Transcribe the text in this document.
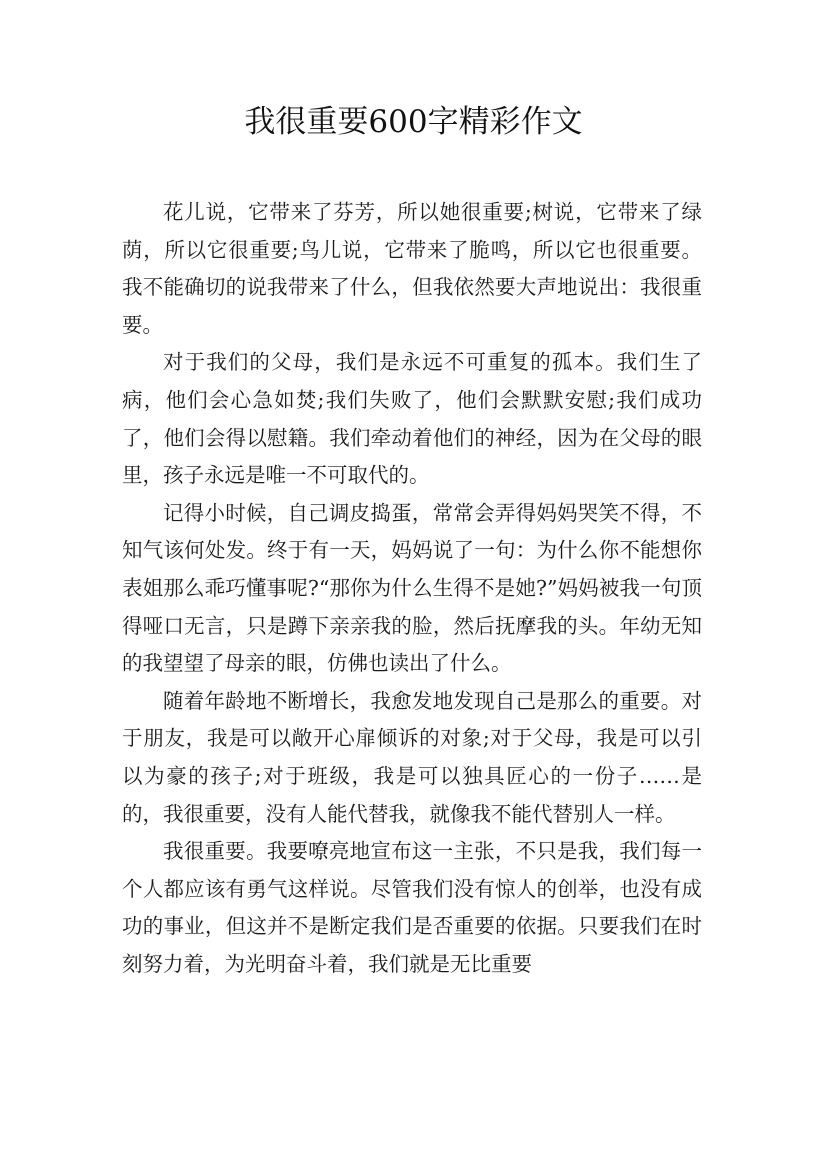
我很重要600字精彩作文

花儿说，它带来了芬芳，所以她很重要;树说，它带来了绿荫，所以它很重要;鸟儿说，它带来了脆鸣，所以它也很重要。我不能确切的说我带来了什么，但我依然要大声地说出：我很重要。

对于我们的父母，我们是永远不可重复的孤本。我们生了病，他们会心急如焚;我们失败了，他们会默默安慰;我们成功了，他们会得以慰籍。我们牵动着他们的神经，因为在父母的眼里，孩子永远是唯一不可取代的。

记得小时候，自己调皮捣蛋，常常会弄得妈妈哭笑不得，不知气该何处发。终于有一天，妈妈说了一句：为什么你不能想你表姐那么乖巧懂事呢?“那你为什么生得不是她?”妈妈被我一句顶得哑口无言，只是蹲下亲亲我的脸，然后抚摩我的头。年幼无知的我望望了母亲的眼，仿佛也读出了什么。

随着年龄地不断增长，我愈发地发现自己是那么的重要。对于朋友，我是可以敞开心扉倾诉的对象;对于父母，我是可以引以为豪的孩子;对于班级，我是可以独具匠心的一份子……是的，我很重要，没有人能代替我，就像我不能代替别人一样。

我很重要。我要嘹亮地宣布这一主张，不只是我，我们每一个人都应该有勇气这样说。尽管我们没有惊人的创举，也没有成功的事业，但这并不是断定我们是否重要的依据。只要我们在时刻努力着，为光明奋斗着，我们就是无比重要
